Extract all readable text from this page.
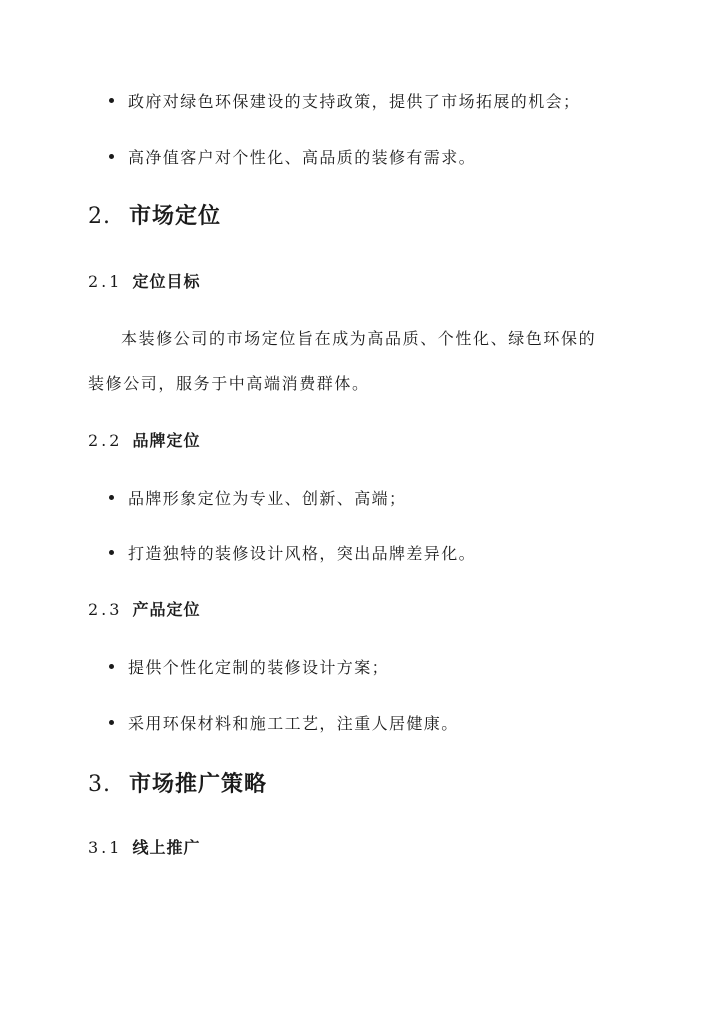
政府对绿色环保建设的支持政策，提供了市场拓展的机会；
高净值客户对个性化、高品质的装修有需求。
2. 市场定位
2.1 定位目标
本装修公司的市场定位旨在成为高品质、个性化、绿色环保的
装修公司，服务于中高端消费群体。
2.2 品牌定位
品牌形象定位为专业、创新、高端；
打造独特的装修设计风格，突出品牌差异化。
2.3 产品定位
提供个性化定制的装修设计方案；
采用环保材料和施工工艺，注重人居健康。
3. 市场推广策略
3.1 线上推广
